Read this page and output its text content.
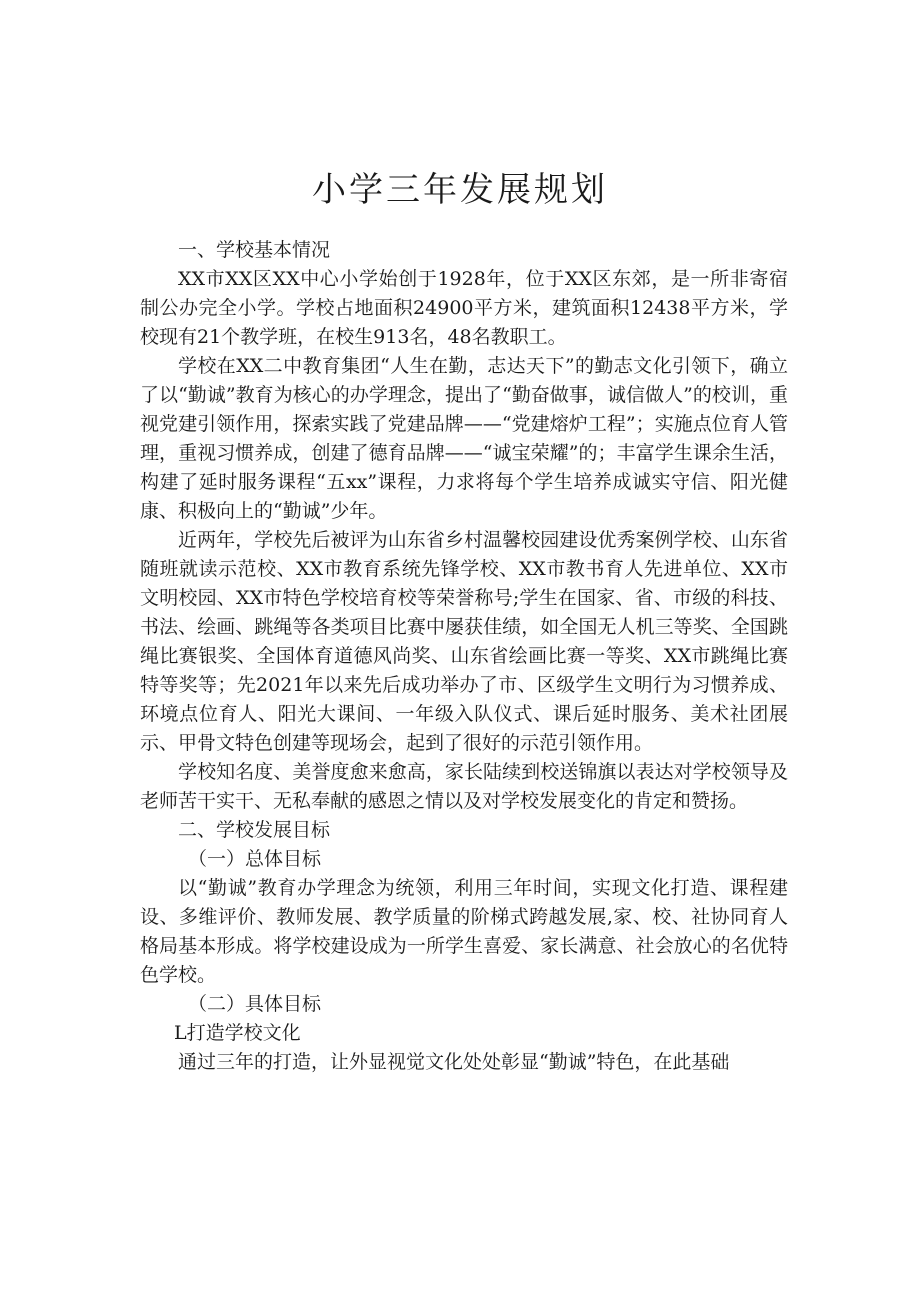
小学三年发展规划

一、学校基本情况

XX市XX区XX中心小学始创于1928年，位于XX区东郊，是一所非寄宿制公办完全小学。学校占地面积24900平方米，建筑面积12438平方米，学校现有21个教学班，在校生913名，48名教职工。

学校在XX二中教育集团“人生在勤，志达天下”的勤志文化引领下，确立了以“勤诚”教育为核心的办学理念，提出了“勤奋做事，诚信做人”的校训，重视党建引领作用，探索实践了党建品牌——“党建熔炉工程”；实施点位育人管理，重视习惯养成，创建了德育品牌——“诚宝荣耀”的；丰富学生课余生活，构建了延时服务课程“五xx”课程，力求将每个学生培养成诚实守信、阳光健康、积极向上的“勤诚”少年。

近两年，学校先后被评为山东省乡村温馨校园建设优秀案例学校、山东省随班就读示范校、XX市教育系统先锋学校、XX市教书育人先进单位、XX市文明校园、XX市特色学校培育校等荣誉称号;学生在国家、省、市级的科技、书法、绘画、跳绳等各类项目比赛中屡获佳绩，如全国无人机三等奖、全国跳绳比赛银奖、全国体育道德风尚奖、山东省绘画比赛一等奖、XX市跳绳比赛特等奖等；先2021年以来先后成功举办了市、区级学生文明行为习惯养成、环境点位育人、阳光大课间、一年级入队仪式、课后延时服务、美术社团展示、甲骨文特色创建等现场会，起到了很好的示范引领作用。

学校知名度、美誉度愈来愈高，家长陆续到校送锦旗以表达对学校领导及老师苦干实干、无私奉献的感恩之情以及对学校发展变化的肯定和赞扬。

二、学校发展目标

（一）总体目标

以“勤诚”教育办学理念为统领，利用三年时间，实现文化打造、课程建设、多维评价、教师发展、教学质量的阶梯式跨越发展,家、校、社协同育人格局基本形成。将学校建设成为一所学生喜爱、家长满意、社会放心的名优特色学校。

（二）具体目标

L打造学校文化

通过三年的打造，让外显视觉文化处处彰显“勤诚”特色，在此基础
